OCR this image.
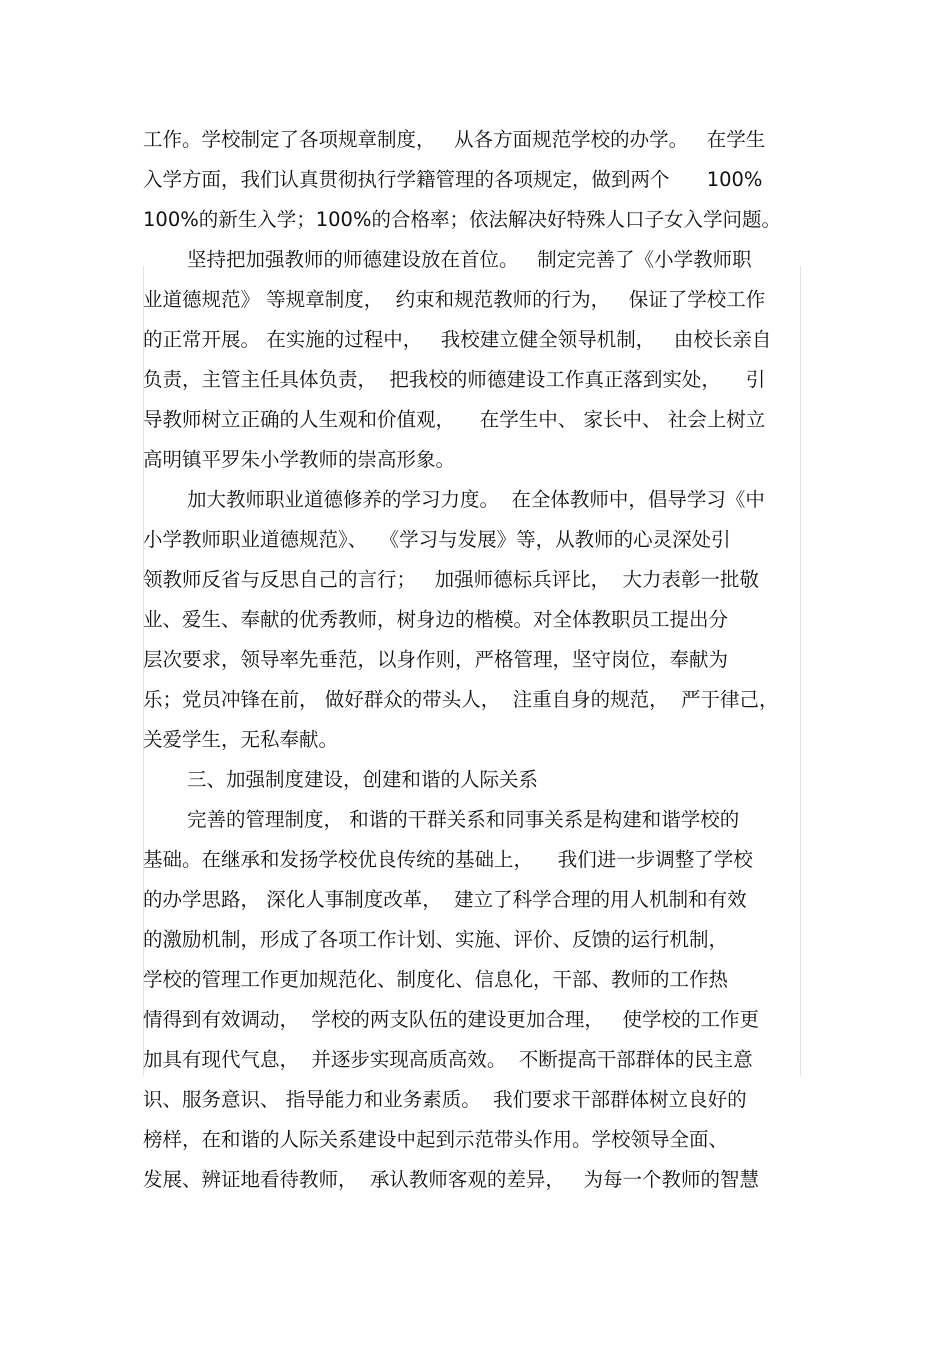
工作。学校制定了各项规章制度，   从各方面规范学校的办学。   在学生
入学方面，我们认真贯彻执行学籍管理的各项规定，做到两个      100%
100%的新生入学；100%的合格率；依法解决好特殊人口子女入学问题。
坚持把加强教师的师德建设放在首位。   制定完善了《小学教师职
业道德规范》 等规章制度，  约束和规范教师的行为，   保证了学校工作
的正常开展。 在实施的过程中，   我校建立健全领导机制，   由校长亲自
负责，主管主任具体负责，  把我校的师德建设工作真正落到实处，    引
导教师树立正确的人生观和价值观，    在学生中、 家长中、 社会上树立
高明镇平罗朱小学教师的崇高形象。
加大教师职业道德修养的学习力度。  在全体教师中，倡导学习《中
小学教师职业道德规范》、  《学习与发展》等，从教师的心灵深处引
领教师反省与反思自己的言行；   加强师德标兵评比，  大力表彰一批敬
业、爱生、奉献的优秀教师，树身边的楷模。对全体教职员工提出分
层次要求，领导率先垂范，以身作则，严格管理，坚守岗位，奉献为
乐；党员冲锋在前， 做好群众的带头人，  注重自身的规范，  严于律己，
关爱学生，无私奉献。
三、加强制度建设，创建和谐的人际关系
完善的管理制度， 和谐的干群关系和同事关系是构建和谐学校的
基础。在继承和发扬学校优良传统的基础上，    我们进一步调整了学校
的办学思路， 深化人事制度改革，  建立了科学合理的用人机制和有效
的激励机制，形成了各项工作计划、实施、评价、反馈的运行机制，
学校的管理工作更加规范化、制度化、信息化，干部、教师的工作热
情得到有效调动，  学校的两支队伍的建设更加合理，   使学校的工作更
加具有现代气息，  并逐步实现高质高效。  不断提高干部群体的民主意
识、服务意识、 指导能力和业务素质。  我们要求干部群体树立良好的
榜样，在和谐的人际关系建设中起到示范带头作用。学校领导全面、
发展、辨证地看待教师，  承认教师客观的差异，   为每一个教师的智慧
